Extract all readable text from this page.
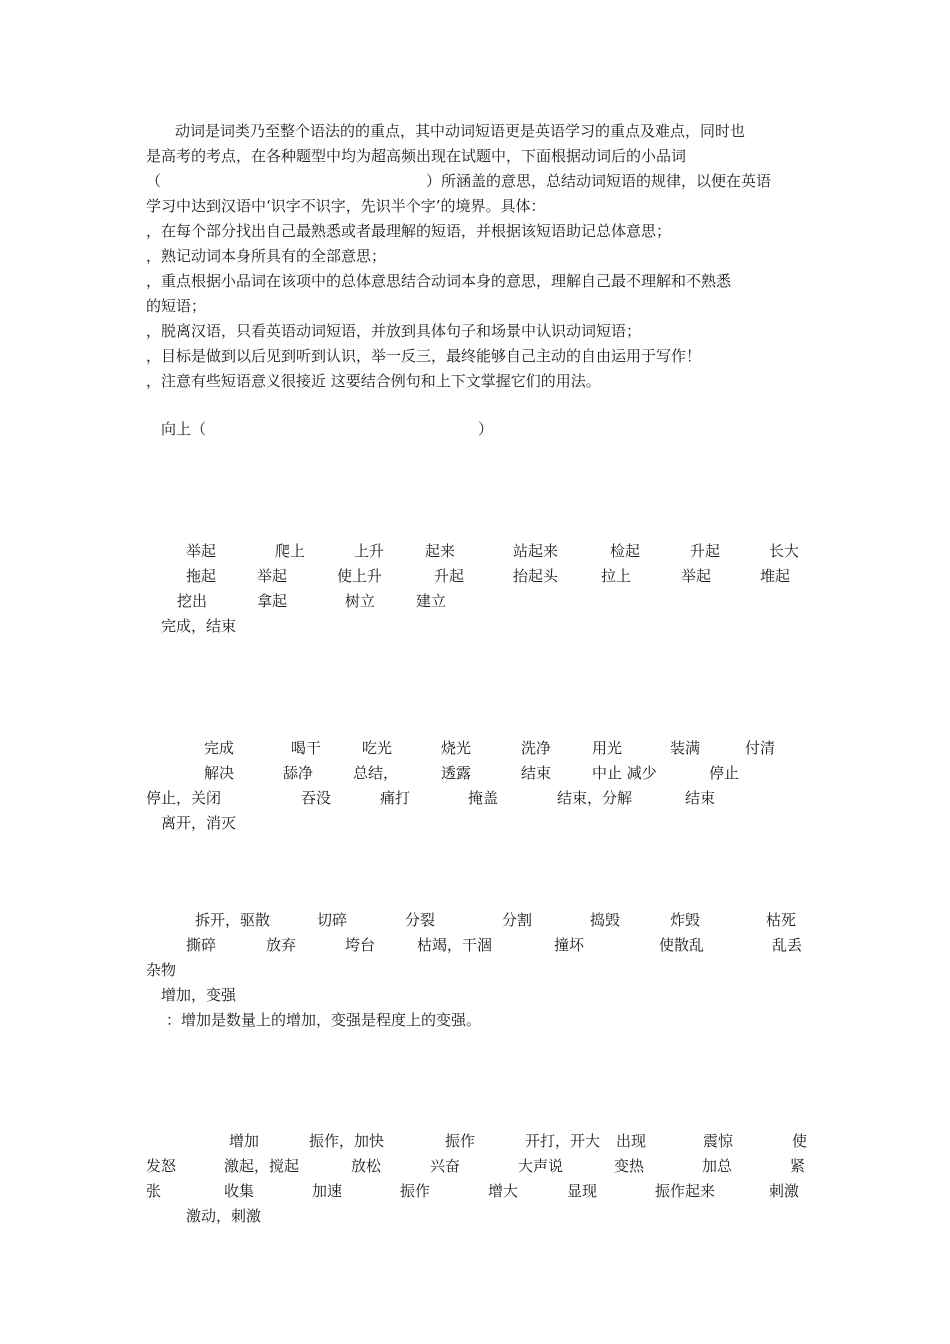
动词是词类乃至整个语法的的重点，其中动词短语更是英语学习的重点及难点，同时也
是高考的考点，在各种题型中均为超高频出现在试题中，下面根据动词后的小品词
（	）所涵盖的意思，总结动词短语的规律，以便在英语
学习中达到汉语中‘识字不识字，先识半个字’的境界。具体：
，在每个部分找出自己最熟悉或者最理解的短语，并根据该短语助记总体意思；
，熟记动词本身所具有的全部意思；
，重点根据小品词在该项中的总体意思结合动词本身的意思，理解自己最不理解和不熟悉
的短语；
，脱离汉语，只看英语动词短语，并放到具体句子和场景中认识动词短语；
，目标是做到以后见到听到认识，举一反三，最终能够自己主动的自由运用于写作！
，注意有些短语意义很接近 这要结合例句和上下文掌握它们的用法。
向上（	）
举起	爬上	上升	起来	站起来	检起	升起	长大
拖起	举起	使上升	升起	抬起头	拉上	举起	堆起
挖出	拿起	树立	建立
完成，结束
完成	喝干	吃光	烧光	洗净	用光	装满	付清
解决	舔净	总结，	透露	结束	中止 减少	停止
停止，关闭	吞没	痛打	掩盖	结束，分解	结束
离开，消灭
拆开，驱散	切碎	分裂	分割	捣毁	炸毁	枯死
撕碎	放弃	垮台	枯竭，干涸	撞坏	使散乱	乱丢
杂物
增加，变强
：增加是数量上的增加，变强是程度上的变强。
增加	振作，加快	振作	开打，开大 出现	震惊	使
发怒	激起，搅起	放松	兴奋	大声说	变热	加总	紧
张	收集	加速	振作	增大	显现	振作起来	刺激
激动，刺激
